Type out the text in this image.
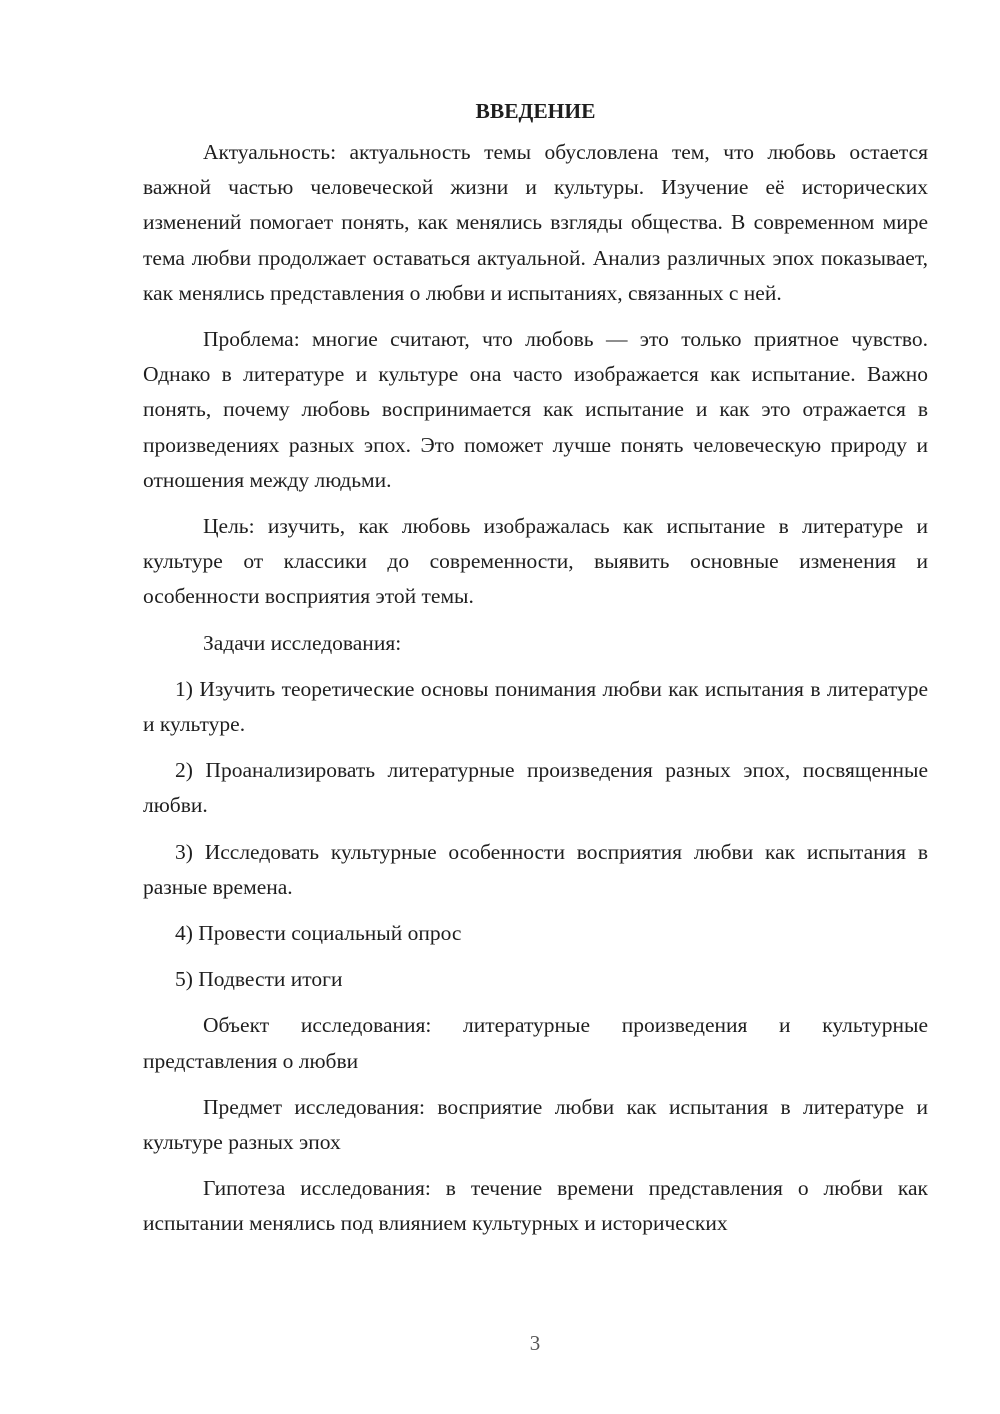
ВВЕДЕНИЕ

Актуальность: актуальность темы обусловлена тем, что любовь остается важной частью человеческой жизни и культуры. Изучение её исторических изменений помогает понять, как менялись взгляды общества. В современном мире тема любви продолжает оставаться актуальной. Анализ различных эпох показывает, как менялись представления о любви и испытаниях, связанных с ней.

Проблема: многие считают, что любовь — это только приятное чувство. Однако в литературе и культуре она часто изображается как испытание. Важно понять, почему любовь воспринимается как испытание и как это отражается в произведениях разных эпох. Это поможет лучше понять человеческую природу и отношения между людьми.

Цель: изучить, как любовь изображалась как испытание в литературе и культуре от классики до современности, выявить основные изменения и особенности восприятия этой темы.

Задачи исследования:

1) Изучить теоретические основы понимания любви как испытания в литературе и культуре.

2) Проанализировать литературные произведения разных эпох, посвященные любви.

3) Исследовать культурные особенности восприятия любви как испытания в разные времена.

4) Провести социальный опрос

5) Подвести итоги

Объект исследования: литературные произведения и культурные представления о любви

Предмет исследования: восприятие любви как испытания в литературе и культуре разных эпох

Гипотеза исследования: в течение времени представления о любви как испытании менялись под влиянием культурных и исторических

3
